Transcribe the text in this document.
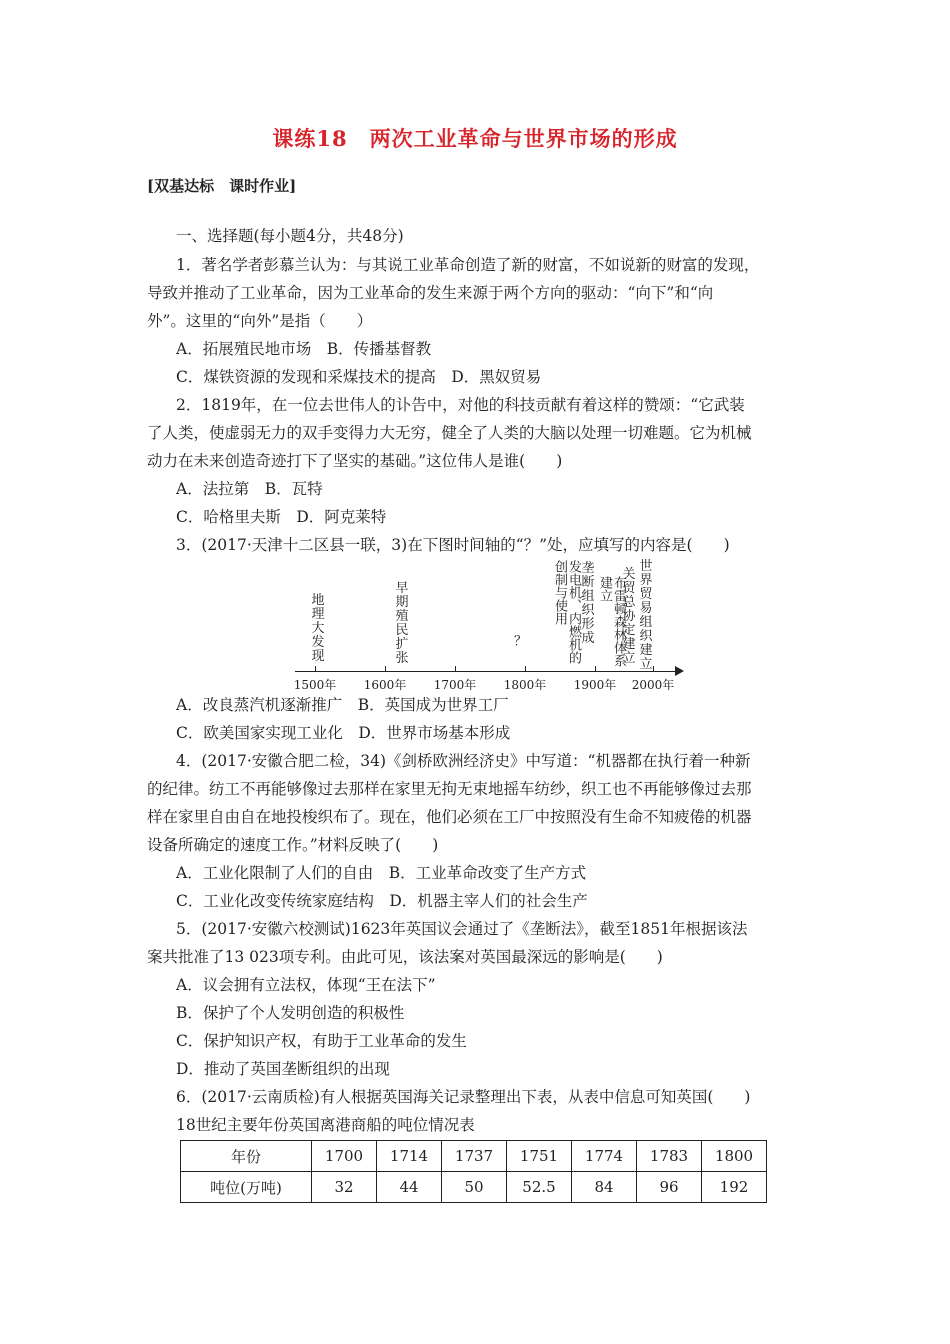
课练18　两次工业革命与世界市场的形成
[双基达标　课时作业]
一、选择题(每小题4分，共48分)
1．著名学者彭慕兰认为：与其说工业革命创造了新的财富，不如说新的财富的发现，
导致并推动了工业革命，因为工业革命的发生来源于两个方向的驱动：“向下”和“向
外”。这里的“向外”是指（　　）
A．拓展殖民地市场　B．传播基督教
C．煤铁资源的发现和采煤技术的提高　D．黑奴贸易
2．1819年，在一位去世伟人的讣告中，对他的科技贡献有着这样的赞颂：“它武装
了人类，使虚弱无力的双手变得力大无穷，健全了人类的大脑以处理一切难题。它为机械
动力在未来创造奇迹打下了坚实的基础。”这位伟人是谁(　　)
A．法拉第　B．瓦特
C．哈格里夫斯　D．阿克莱特
3．(2017·天津十二区县一联，3)在下图时间轴的“？”处，应填写的内容是(　　)
1500年 1600年 1700年 1800年 1900年 2000年
地理大发现
早期殖民扩张
？	发电机、内燃机的创制与使用	垄断组织形成	布雷顿森林体系建立
关贸总协定建立
世界贸易组织建立
A．改良蒸汽机逐渐推广　B．英国成为世界工厂
C．欧美国家实现工业化　D．世界市场基本形成
4．(2017·安徽合肥二检，34)《剑桥欧洲经济史》中写道：“机器都在执行着一种新
的纪律。纺工不再能够像过去那样在家里无拘无束地摇车纺纱，织工也不再能够像过去那
样在家里自由自在地投梭织布了。现在，他们必须在工厂中按照没有生命不知疲倦的机器
设备所确定的速度工作。”材料反映了(　　)
A．工业化限制了人们的自由　B．工业革命改变了生产方式
C．工业化改变传统家庭结构　D．机器主宰人们的社会生产
5．(2017·安徽六校测试)1623年英国议会通过了《垄断法》，截至1851年根据该法
案共批准了13 023项专利。由此可见，该法案对英国最深远的影响是(　　)
A．议会拥有立法权，体现“王在法下”
B．保护了个人发明创造的积极性
C．保护知识产权，有助于工业革命的发生
D．推动了英国垄断组织的出现
6．(2017·云南质检)有人根据英国海关记录整理出下表，从表中信息可知英国(　　)
18世纪主要年份英国离港商船的吨位情况表
年份	1700	1714	1737	1751	1774	1783	1800
吨位(万吨)	32	44	50	52.5	84	96	192
